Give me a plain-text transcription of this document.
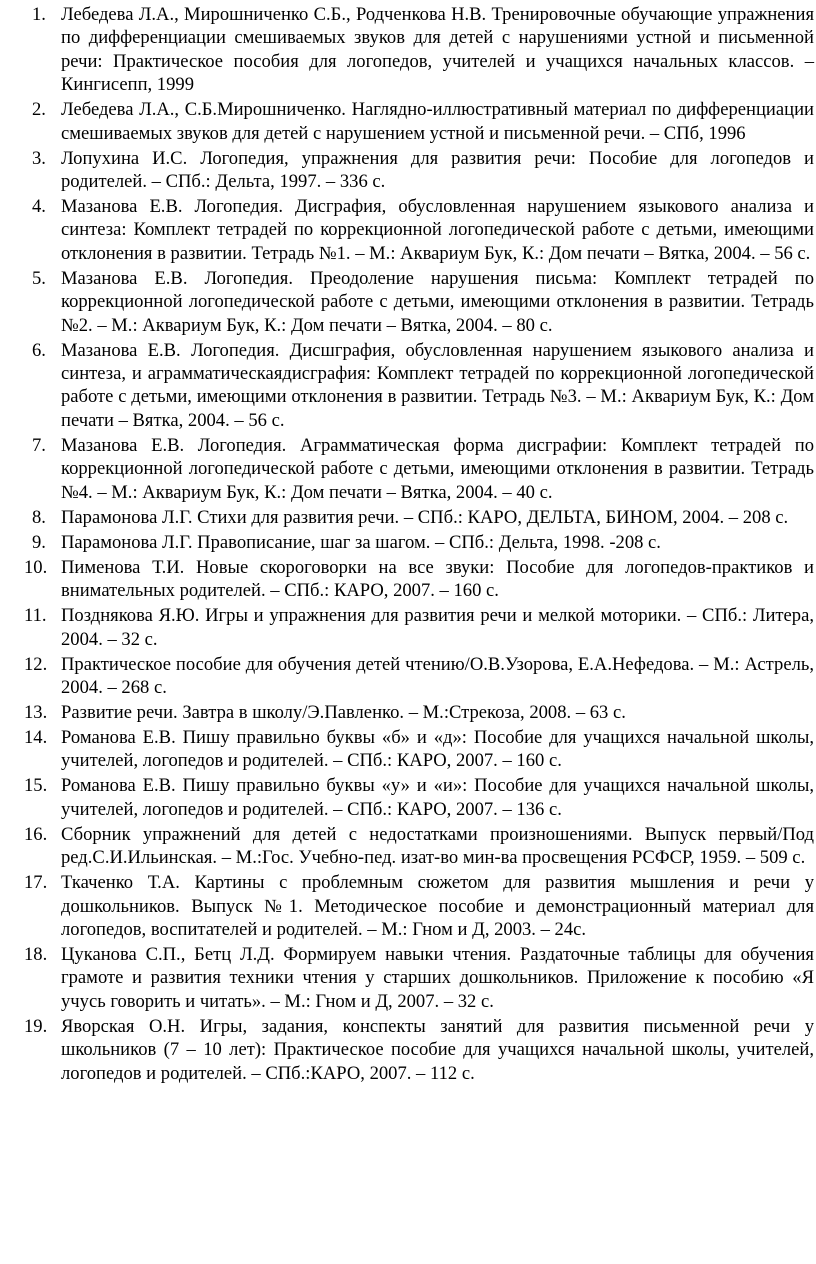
1. Лебедева Л.А., Мирошниченко С.Б., Родченкова Н.В. Тренировочные обучающие упражнения по дифференциации смешиваемых звуков для детей с нарушениями устной и письменной речи: Практическое пособия для логопедов, учителей и учащихся начальных классов. – Кингисепп, 1999
2. Лебедева Л.А., С.Б.Мирошниченко. Наглядно-иллюстративный материал по дифференциации смешиваемых звуков для детей с нарушением устной и письменной речи. – СПб, 1996
3. Лопухина И.С. Логопедия, упражнения для развития речи: Пособие для логопедов и родителей. – СПб.: Дельта, 1997. – 336 с.
4. Мазанова Е.В. Логопедия. Дисграфия, обусловленная нарушением языкового анализа и синтеза: Комплект тетрадей по коррекционной логопедической работе с детьми, имеющими отклонения в развитии. Тетрадь №1. – М.: Аквариум Бук, К.: Дом печати – Вятка, 2004. – 56 с.
5. Мазанова Е.В. Логопедия. Преодоление нарушения письма: Комплект тетрадей по коррекционной логопедической работе с детьми, имеющими отклонения в развитии. Тетрадь №2. – М.: Аквариум Бук, К.: Дом печати – Вятка, 2004. – 80 с.
6. Мазанова Е.В. Логопедия. Дисшграфия, обусловленная нарушением языкового анализа и синтеза, и аграмматическаядисграфия: Комплект тетрадей по коррекционной логопедической работе с детьми, имеющими отклонения в развитии. Тетрадь №3. – М.: Аквариум Бук, К.: Дом печати – Вятка, 2004. – 56 с.
7. Мазанова Е.В. Логопедия. Аграмматическая форма дисграфии: Комплект тетрадей по коррекционной логопедической работе с детьми, имеющими отклонения в развитии. Тетрадь №4. – М.: Аквариум Бук, К.: Дом печати – Вятка, 2004. – 40 с.
8. Парамонова Л.Г. Стихи для развития речи. – СПб.: КАРО, ДЕЛЬТА, БИНОМ, 2004. – 208 с.
9. Парамонова Л.Г. Правописание, шаг за шагом. – СПб.: Дельта, 1998. -208 с.
10. Пименова Т.И. Новые скороговорки на все звуки: Пособие для логопедов-практиков и внимательных родителей. – СПб.: КАРО, 2007. – 160 с.
11. Позднякова Я.Ю. Игры и упражнения для развития речи и мелкой моторики. – СПб.: Литера, 2004. – 32 с.
12. Практическое пособие для обучения детей чтению/О.В.Узорова, Е.А.Нефедова. – М.: Астрель, 2004. – 268 с.
13. Развитие речи. Завтра в школу/Э.Павленко. – М.:Стрекоза, 2008. – 63 с.
14. Романова Е.В. Пишу правильно буквы «б» и «д»: Пособие для учащихся начальной школы, учителей, логопедов и родителей. – СПб.: КАРО, 2007. – 160 с.
15. Романова Е.В. Пишу правильно буквы «у» и «и»: Пособие для учащихся начальной школы, учителей, логопедов и родителей. – СПб.: КАРО, 2007. – 136 с.
16. Сборник упражнений для детей с недостатками произношениями. Выпуск первый/Под ред.С.И.Ильинская. – М.:Гос. Учебно-пед. изат-во мин-ва просвещения РСФСР, 1959. – 509 с.
17. Ткаченко Т.А. Картины с проблемным сюжетом для развития мышления и речи у дошкольников. Выпуск №1. Методическое пособие и демонстрационный материал для логопедов, воспитателей и родителей. – М.: Гном и Д, 2003. – 24с.
18. Цуканова С.П., Бетц Л.Д. Формируем навыки чтения. Раздаточные таблицы для обучения грамоте и развития техники чтения у старших дошкольников. Приложение к пособию «Я учусь говорить и читать». – М.: Гном и Д, 2007. – 32 с.
19. Яворская О.Н. Игры, задания, конспекты занятий для развития письменной речи у школьников (7 – 10 лет): Практическое пособие для учащихся начальной школы, учителей, логопедов и родителей. – СПб.:КАРО, 2007. – 112 с.
